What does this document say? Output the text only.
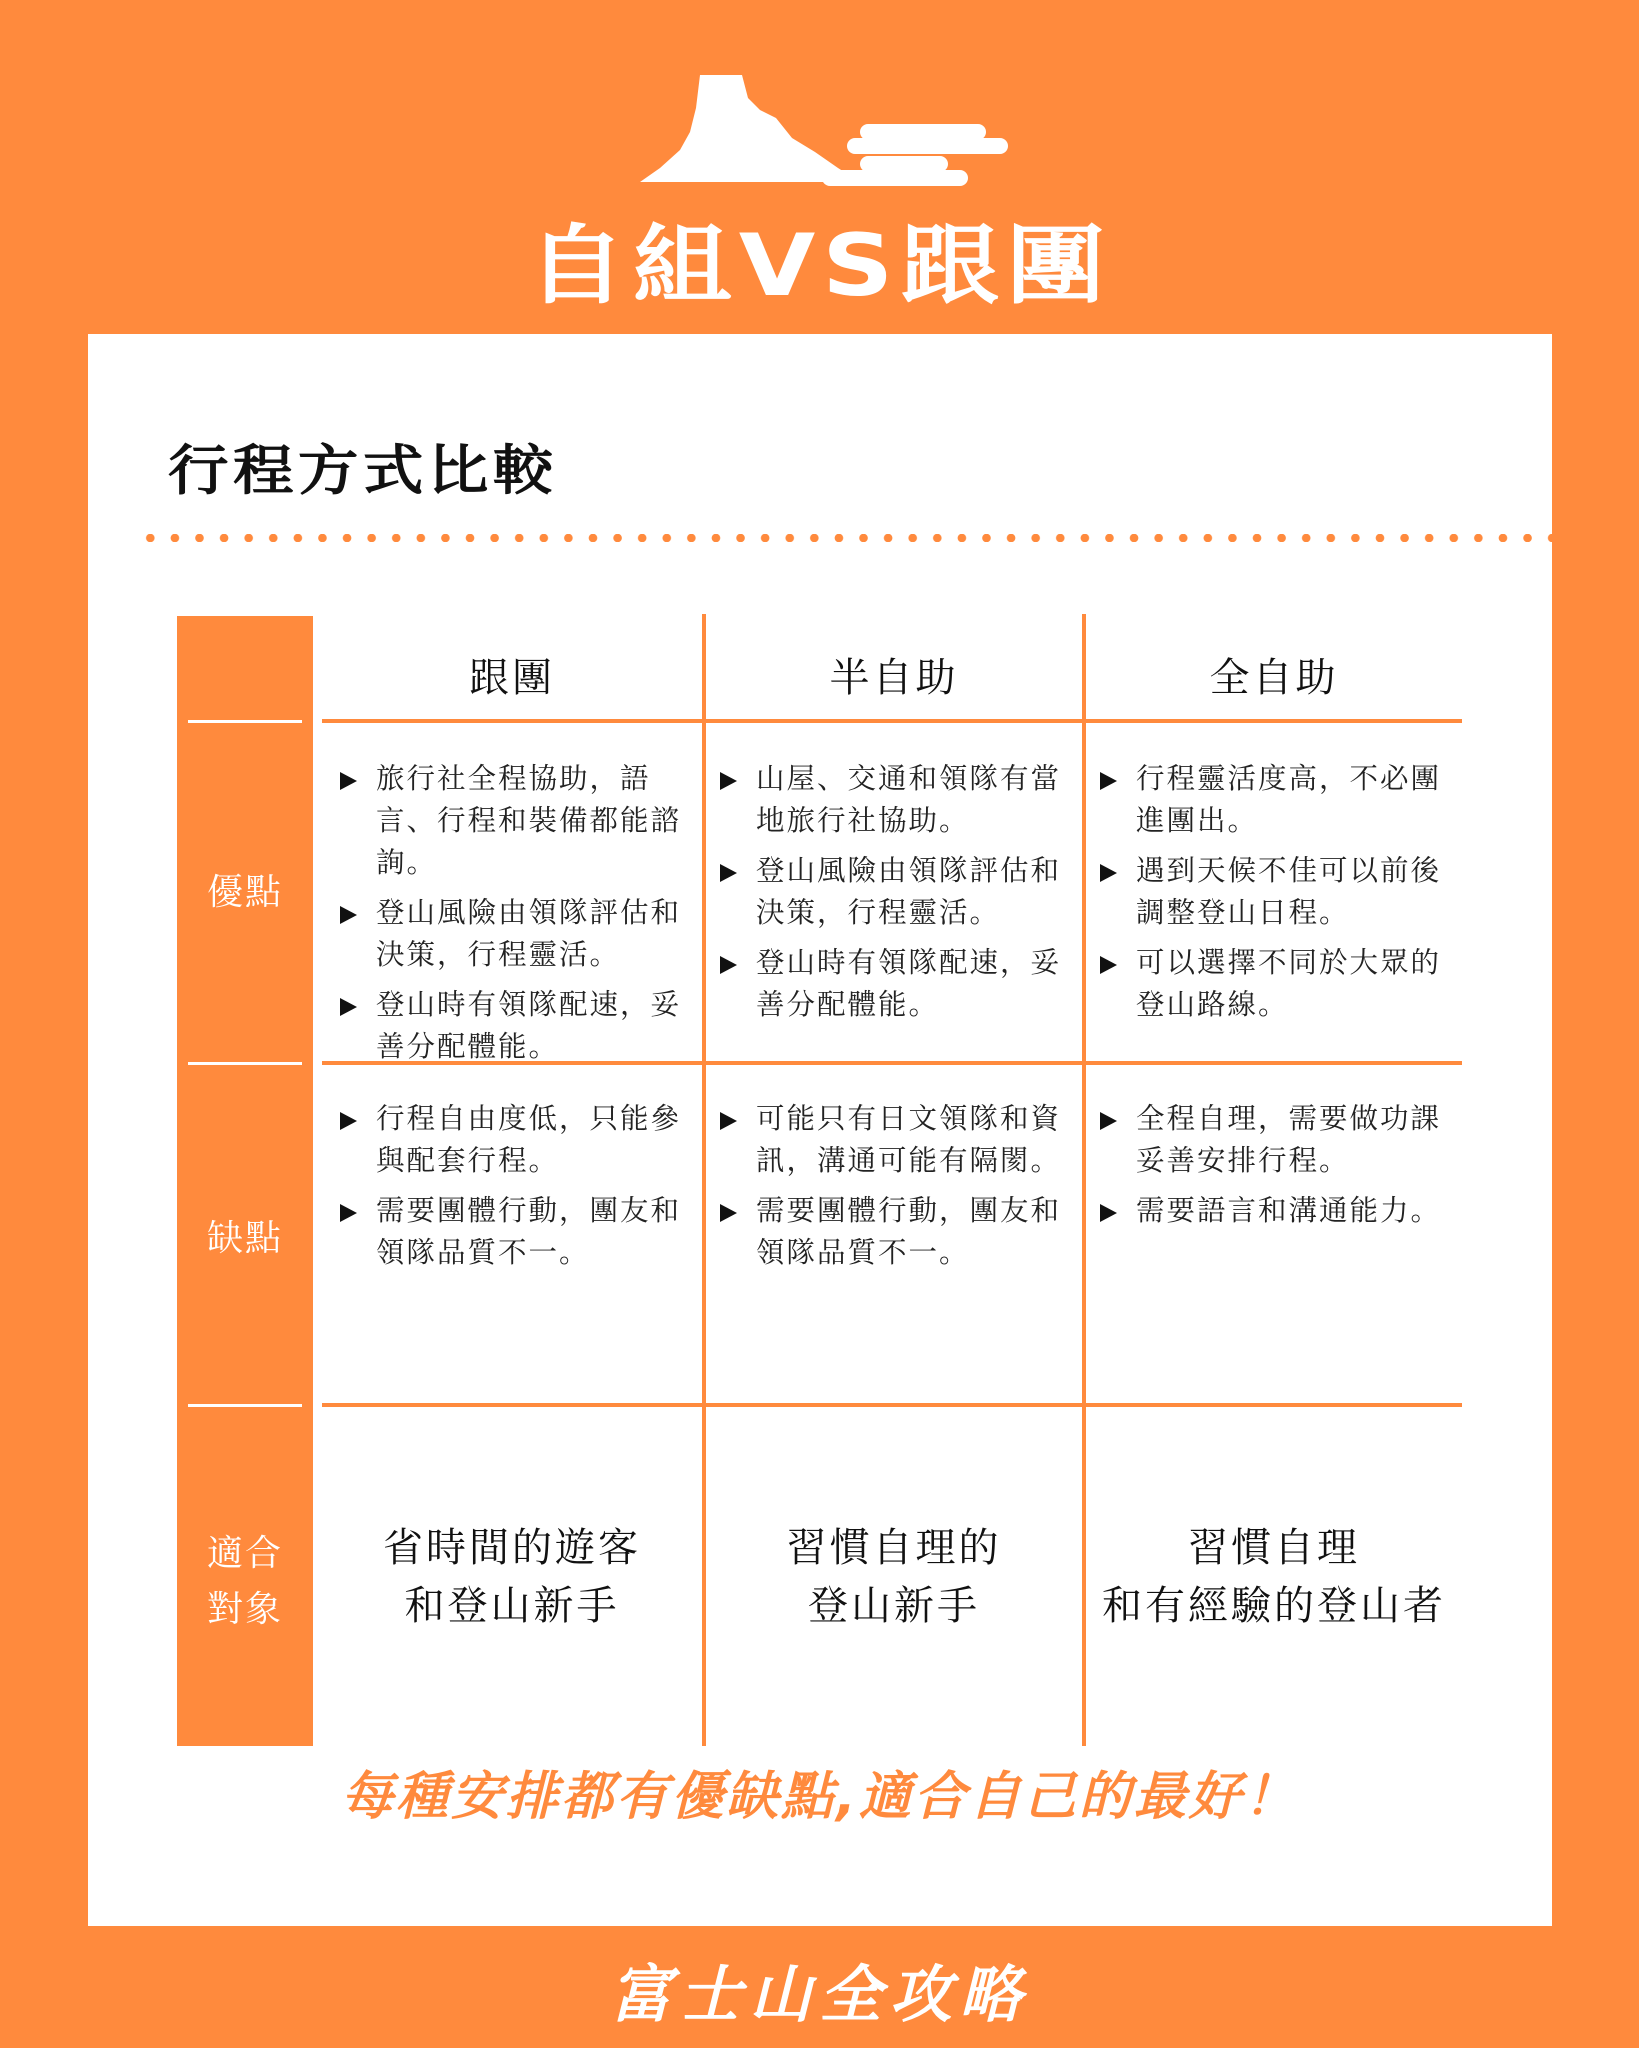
自組VS跟團
行程方式比較
優點
缺點
適合
對象
跟團	半自助	全自助
旅行社全程協助，語言、行程和裝備都能諮詢。
登山風險由領隊評估和決策，行程靈活。
登山時有領隊配速，妥善分配體能。
山屋、交通和領隊有當地旅行社協助。
登山風險由領隊評估和決策，行程靈活。
登山時有領隊配速，妥善分配體能。
行程靈活度高，不必團進團出。
遇到天候不佳可以前後調整登山日程。
可以選擇不同於大眾的登山路線。
行程自由度低，只能參與配套行程。
需要團體行動，團友和領隊品質不一。
可能只有日文領隊和資訊，溝通可能有隔閡。
需要團體行動，團友和領隊品質不一。
全程自理，需要做功課妥善安排行程。
需要語言和溝通能力。
省時間的遊客
和登山新手
習慣自理的
登山新手
習慣自理
和有經驗的登山者
每種安排都有優缺點,適合自己的最好！
富士山全攻略
